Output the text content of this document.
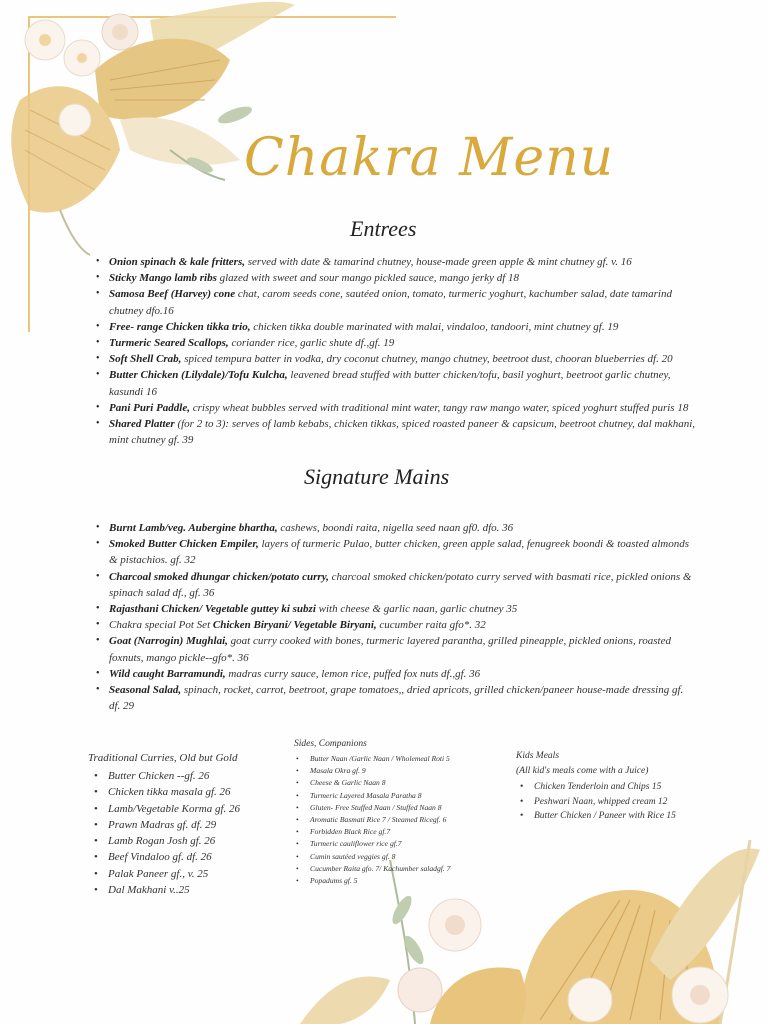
Chakra Menu
Entrees
• Onion spinach & kale fritters, served with date & tamarind chutney, house-made green apple & mint chutney gf. v. 16
• Sticky Mango lamb ribs glazed with sweet and sour mango pickled sauce, mango jerky df 18
• Samosa Beef (Harvey) cone chat, carom seeds cone, sautéed onion, tomato, turmeric yoghurt, kachumber salad, date tamarind chutney dfo.16
• Free- range Chicken tikka trio, chicken tikka double marinated with malai, vindaloo, tandoori, mint chutney gf. 19
• Turmeric Seared Scallops, coriander rice, garlic shute df.,gf. 19
• Soft Shell Crab, spiced tempura batter in vodka, dry coconut chutney, mango chutney, beetroot dust, chooran blueberries df. 20
• Butter Chicken (Lilydale)/Tofu Kulcha, leavened bread stuffed with butter chicken/tofu, basil yoghurt, beetroot garlic chutney, kasundi 16
• Pani Puri Paddle, crispy wheat bubbles served with traditional mint water, tangy raw mango water, spiced yoghurt stuffed puris 18
• Shared Platter (for 2 to 3): serves of lamb kebabs, chicken tikkas, spiced roasted paneer & capsicum, beetroot chutney, dal makhani, mint chutney gf. 39
Signature Mains
• Burnt Lamb/veg. Aubergine bhartha, cashews, boondi raita, nigella seed naan gf0. dfo. 36
• Smoked Butter Chicken Empiler, layers of turmeric Pulao, butter chicken, green apple salad, fenugreek boondi & toasted almonds & pistachios. gf. 32
• Charcoal smoked dhungar chicken/potato curry, charcoal smoked chicken/potato curry served with basmati rice, pickled onions & spinach salad df., gf. 36
• Rajasthani Chicken/ Vegetable guttey ki subzi with cheese & garlic naan, garlic chutney 35
• Chakra special Pot Set Chicken Biryani/ Vegetable Biryani, cucumber raita gfo*. 32
• Goat (Narrogin) Mughlai, goat curry cooked with bones, turmeric layered parantha, grilled pineapple, pickled onions, roasted foxnuts, mango pickle--gfo*. 36
• Wild caught Barramundi, madras curry sauce, lemon rice, puffed fox nuts df.,gf. 36
• Seasonal Salad, spinach, rocket, carrot, beetroot, grape tomatoes,, dried apricots, grilled chicken/paneer house-made dressing gf. df. 29
Traditional Curries, Old but Gold
• Butter Chicken --gf. 26
• Chicken tikka masala gf. 26
• Lamb/Vegetable Korma gf. 26
• Prawn Madras gf. df. 29
• Lamb Rogan Josh gf. 26
• Beef Vindaloo gf. df. 26
• Palak Paneer gf., v. 25
• Dal Makhani v..25
Sides, Companions
• Butter Naan /Garlic Naan / Wholemeal Roti 5
• Masala Okra gf. 9
• Cheese & Garlic Naan 8
• Turmeric Layered Masala Paratha 8
• Gluten- Free Stuffed Naan / Stuffed Naan 8
• Aromatic Basmati Rice 7 / Steamed Ricegf. 6
• Forbidden Black Rice gf.7
• Turmeric cauliflower rice gf.7
• Cumin sautéed veggies gf. 8
• Cucumber Raita gfo. 7/ Kachumber saladgf. 7
• Popadums gf. 5
Kids Meals
(All kid's meals come with a Juice)
• Chicken Tenderloin and Chips 15
• Peshwari Naan, whipped cream 12
• Butter Chicken / Paneer with Rice 15
